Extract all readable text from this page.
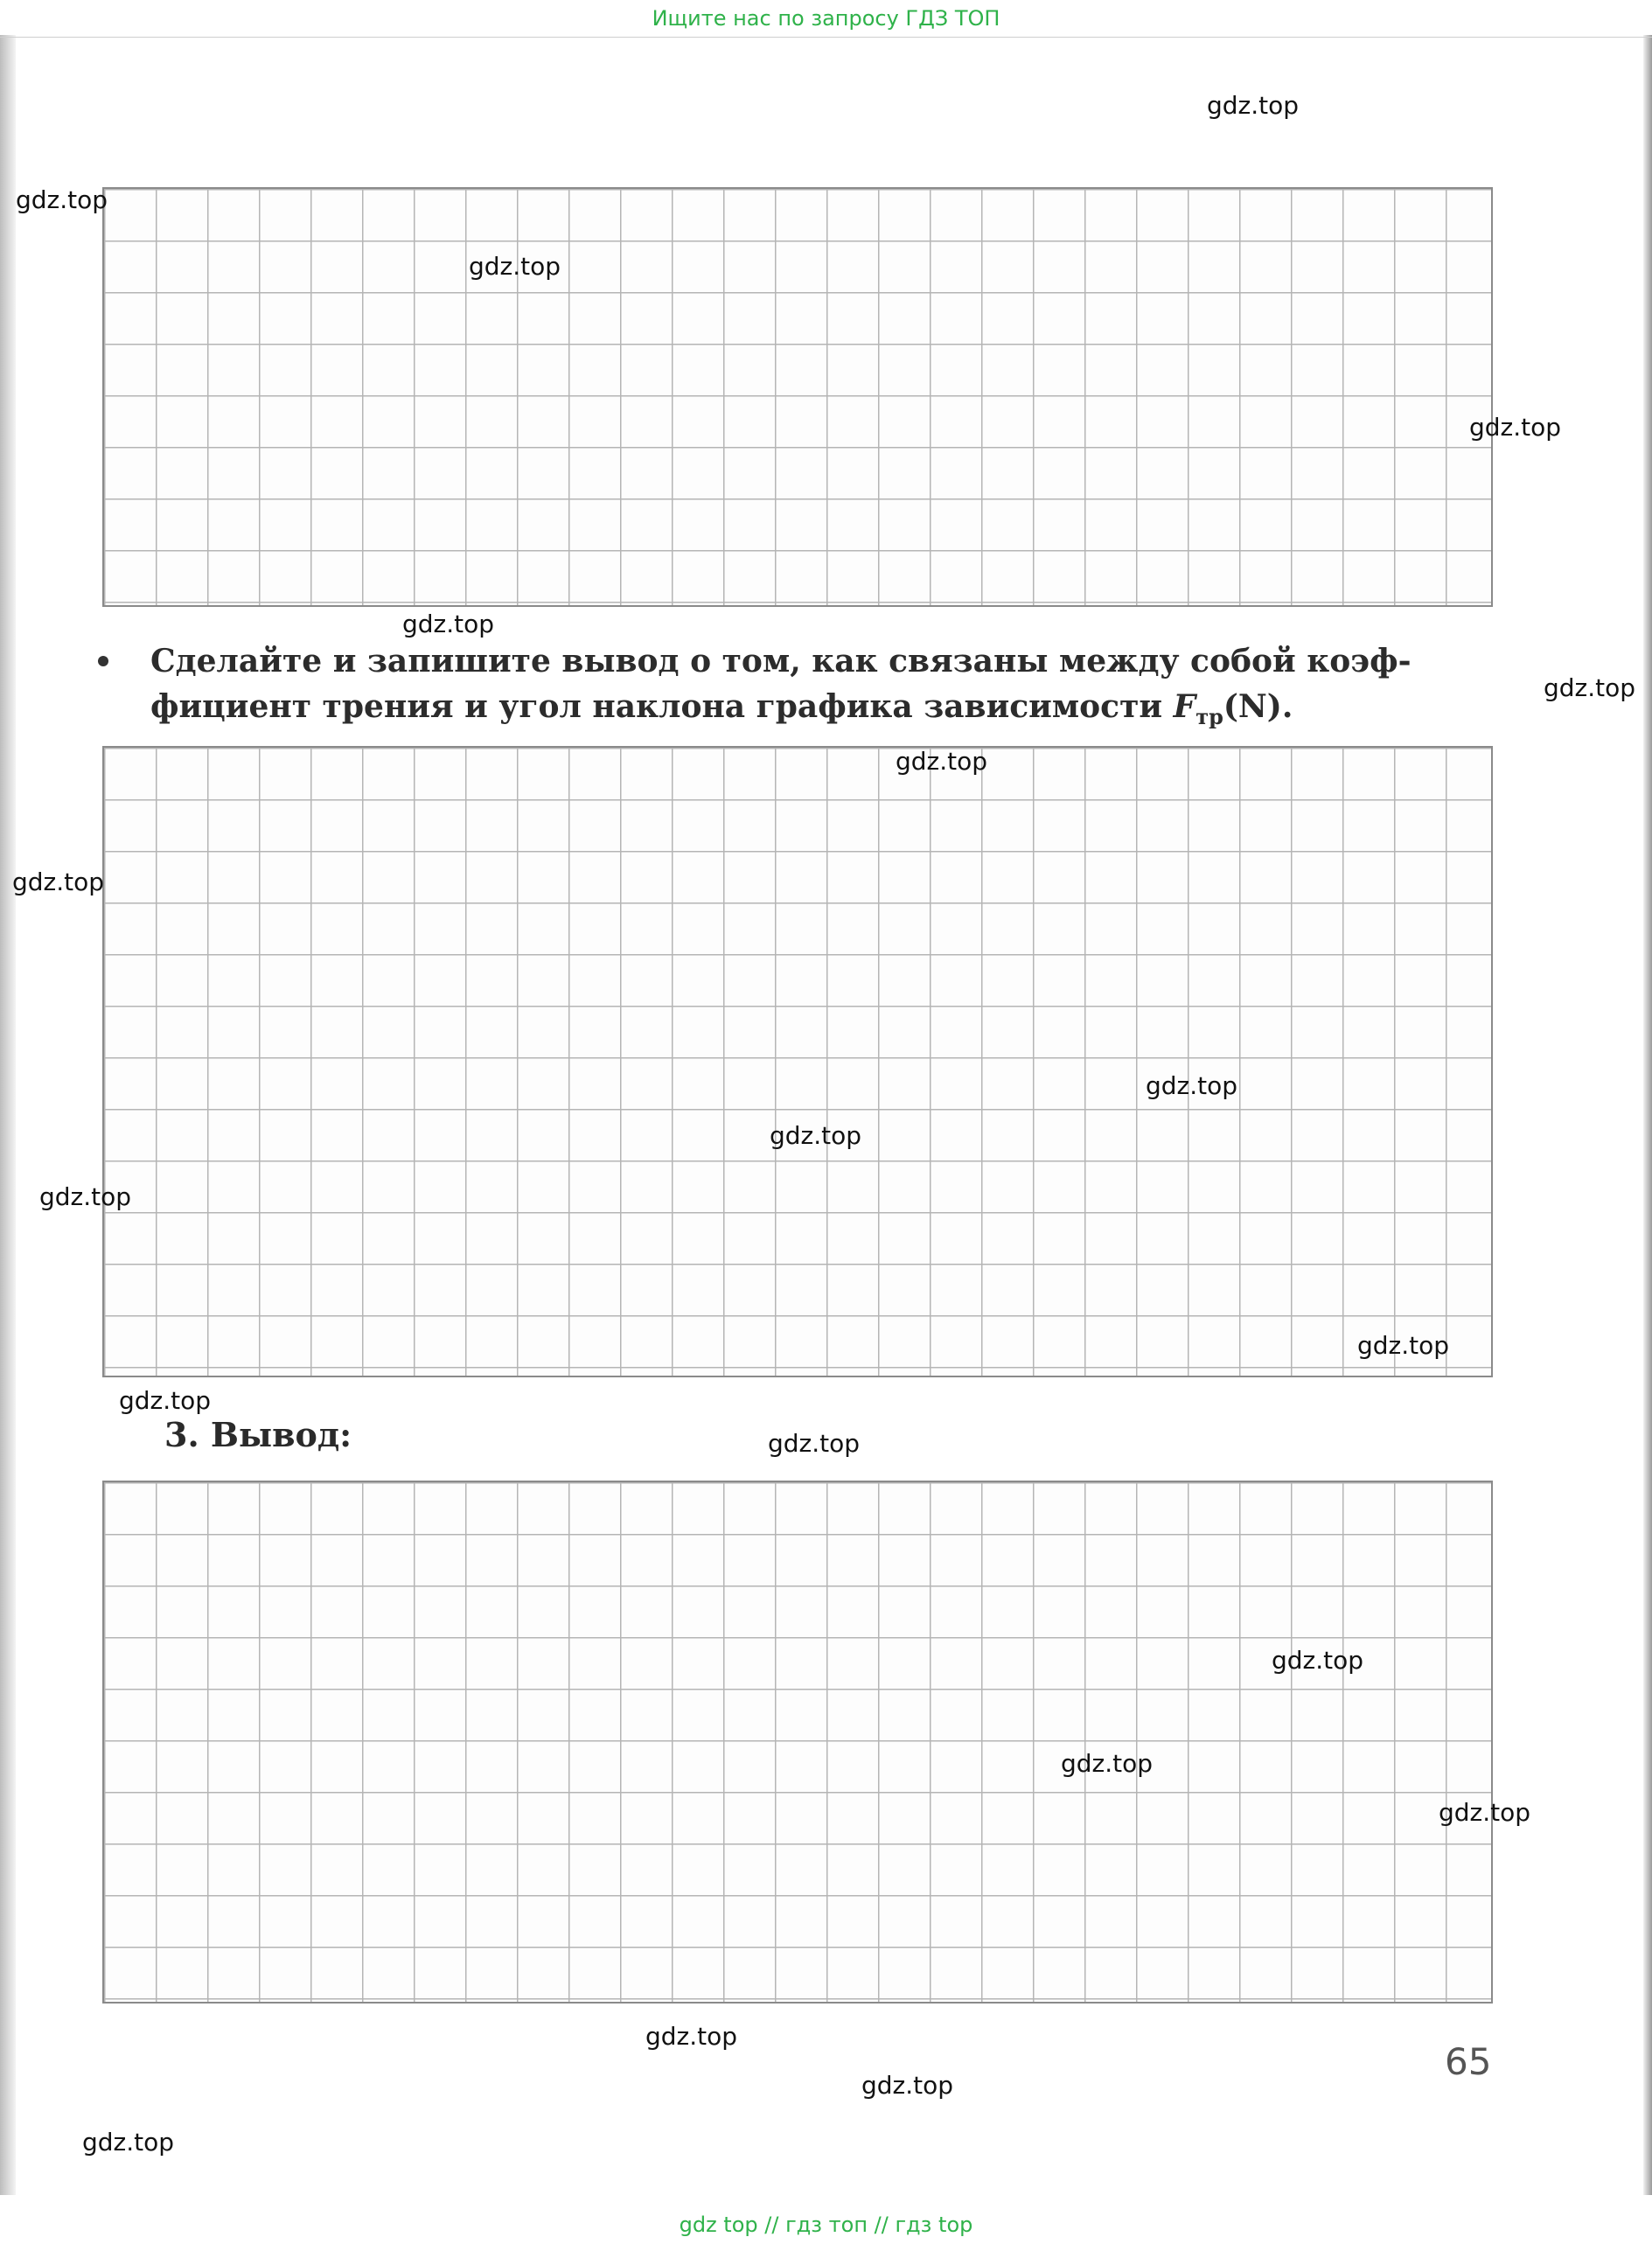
Ищите нас по запросу ГДЗ ТОП
Сделайте и запишите вывод о том, как связаны между собой коэф-
фициент трения и угол наклона графика зависимости $F_{тр}(N)$.
3. Вывод:
65
gdz.top
gdz.top
gdz.top
gdz.top
gdz.top
gdz.top
gdz.top
gdz.top
gdz.top
gdz.top
gdz.top
gdz.top
gdz.top
gdz.top
gdz.top
gdz.top
gdz.top
gdz.top
gdz.top
gdz.top
gdz top // гдз топ // гдз top
